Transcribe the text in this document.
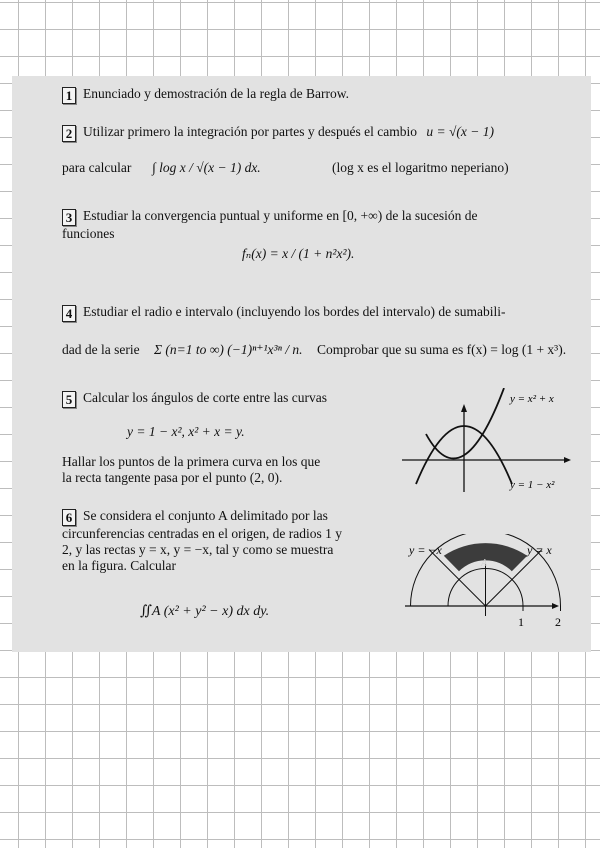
1 Enunciado y demostración de la regla de Barrow.
2 Utilizar primero la integración por partes y después el cambio u = √(x − 1)
para calcular ∫ log x / √(x − 1) dx.	(log x es el logaritmo neperiano)
3 Estudiar la convergencia puntual y uniforme en [0, +∞) de la sucesión de
funciones
fₙ(x) = x / (1 + n²x²).
4 Estudiar el radio e intervalo (incluyendo los bordes del intervalo) de sumabili-
dad de la serie Σ (n=1 to ∞) (−1)ⁿ⁺¹x³ⁿ / n. Comprobar que su suma es f(x) = log (1 + x³).
5 Calcular los ángulos de corte entre las curvas
y = 1 − x², x² + x = y.
Hallar los puntos de la primera curva en los que
la recta tangente pasa por el punto (2, 0).
y = x² + x
y = 1 − x²
6 Se considera el conjunto A delimitado por las
circunferencias centradas en el origen, de radios 1 y
2, y las rectas y = x, y = −x, tal y como se muestra
en la figura. Calcular
∬A (x² + y² − x) dx dy.
y = −x	y = x
A
1	2
